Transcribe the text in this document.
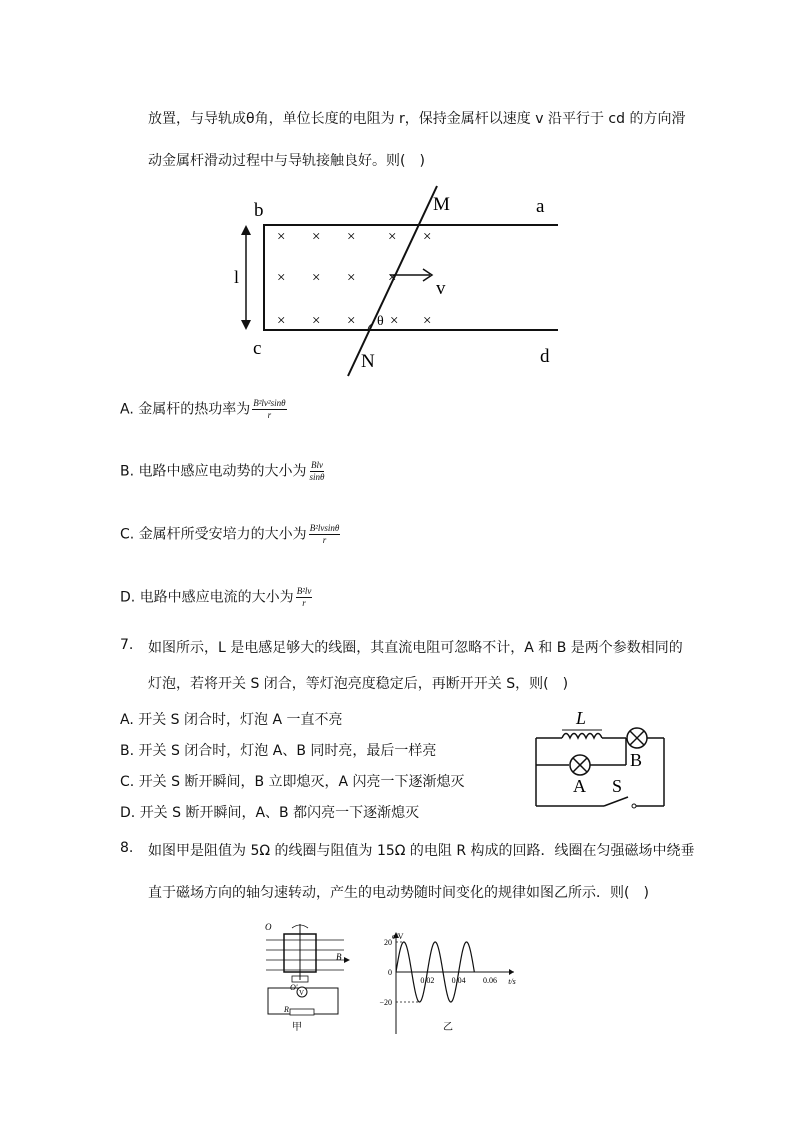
放置，与导轨成θ角，单位长度的电阻为 r，保持金属杆以速度 v 沿平行于 cd 的方向滑
动金属杆滑动过程中与导轨接触良好。则(　)
l
b	a
c	d
M
N
v
θ
× × × × ×
× × × ×
× × × × ×
A. 金属杆的热功率为 $\frac{\text{B²lv²sinθ}}{r}$
B. 电路中感应电动势的大小为 $\frac{\text{Blv}}{\sin\theta}$
C. 金属杆所受安培力的大小为 $\frac{\text{B²lvsinθ}}{r}$
D. 电路中感应电流的大小为 $\frac{\text{B²lv}}{r}$
7. 如图所示，L 是电感足够大的线圈，其直流电阻可忽略不计，A 和 B 是两个参数相同的
灯泡，若将开关 S 闭合，等灯泡亮度稳定后，再断开开关 S，则(　)
A. 开关 S 闭合时，灯泡 A 一直不亮
B. 开关 S 闭合时，灯泡 A、B 同时亮，最后一样亮
C. 开关 S 断开瞬间，B 立即熄灭，A 闪亮一下逐渐熄灭
D. 开关 S 断开瞬间，A、B 都闪亮一下逐渐熄灭
L
B
A S
8. 如图甲是阻值为 5Ω 的线圈与阻值为 15Ω 的电阻 R 构成的回路．线圈在匀强磁场中绕垂
直于磁场方向的轴匀速转动，产生的电动势随时间变化的规律如图乙所示．则(　)
V
O
O'
B
R
甲
20
0
−20
0.02 0.04 0.06
e/V
t/s
乙
